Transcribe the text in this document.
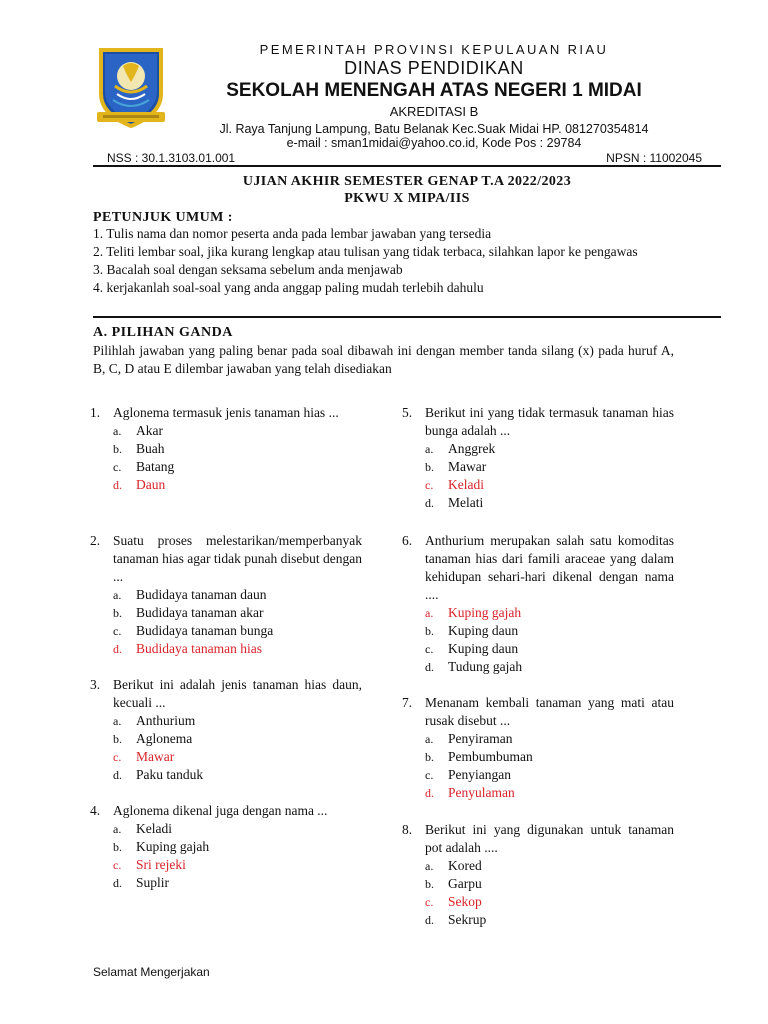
PEMERINTAH PROVINSI KEPULAUAN RIAU
DINAS PENDIDIKAN
SEKOLAH MENENGAH ATAS NEGERI 1 MIDAI
AKREDITASI B
Jl. Raya Tanjung Lampung, Batu Belanak Kec.Suak Midai HP. 081270354814
e-mail : sman1midai@yahoo.co.id, Kode Pos : 29784
NSS : 30.1.3103.01.001	NPSN : 11002045
UJIAN AKHIR SEMESTER GENAP T.A 2022/2023
PKWU X MIPA/IIS
PETUNJUK UMUM :
1. Tulis nama dan nomor peserta anda pada lembar jawaban yang tersedia
2. Teliti lembar soal, jika kurang lengkap atau tulisan yang tidak terbaca, silahkan lapor ke pengawas
3. Bacalah soal dengan seksama sebelum anda menjawab
4. kerjakanlah soal-soal yang anda anggap paling mudah terlebih dahulu
A. PILIHAN GANDA
Pilihlah jawaban yang paling benar pada soal dibawah ini dengan member tanda silang (x) pada huruf A, B, C, D atau E dilembar jawaban yang telah disediakan
1. Aglonema termasuk jenis tanaman hias ...
a. Akar
b. Buah
c. Batang
d. Daun
2. Suatu proses melestarikan/memperbanyak tanaman hias agar tidak punah disebut dengan ...
a. Budidaya tanaman daun
b. Budidaya tanaman akar
c. Budidaya tanaman bunga
d. Budidaya tanaman hias
3. Berikut ini adalah jenis tanaman hias daun, kecuali ...
a. Anthurium
b. Aglonema
c. Mawar
d. Paku tanduk
4. Aglonema dikenal juga dengan nama ...
a. Keladi
b. Kuping gajah
c. Sri rejeki
d. Suplir
5. Berikut ini yang tidak termasuk tanaman hias bunga adalah ...
a. Anggrek
b. Mawar
c. Keladi
d. Melati
6. Anthurium merupakan salah satu komoditas tanaman hias dari famili araceae yang dalam kehidupan sehari-hari dikenal dengan nama ....
a. Kuping gajah
b. Kuping daun
c. Kuping daun
d. Tudung gajah
7. Menanam kembali tanaman yang mati atau rusak disebut ...
a. Penyiraman
b. Pembumbuman
c. Penyiangan
d. Penyulaman
8. Berikut ini yang digunakan untuk tanaman pot adalah ....
a. Kored
b. Garpu
c. Sekop
d. Sekrup
Selamat Mengerjakan
